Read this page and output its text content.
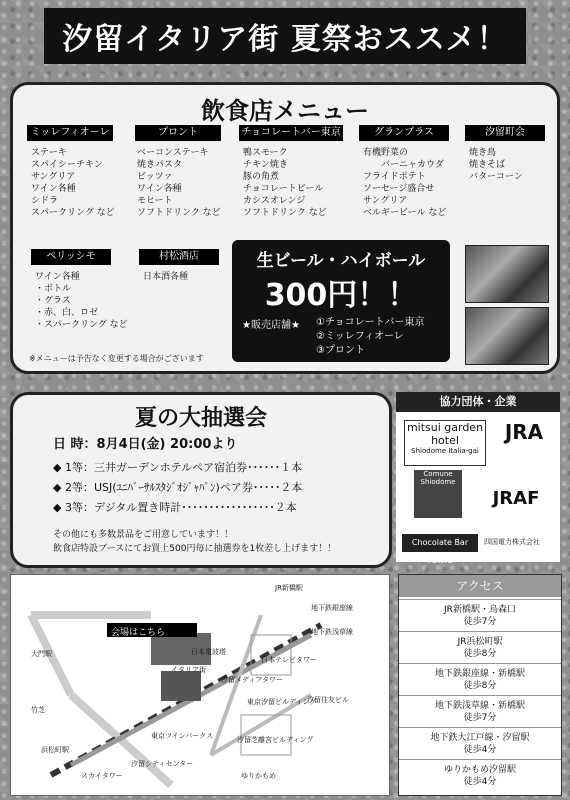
汐留イタリア街 夏祭おススメ！
飲食店メニュー
ミッレフィオーレ
ステーキ
スパイシーチキン
サングリア
ワイン各種
シドラ
スパークリング など
プロント
ベーコンステーキ
焼きパスタ
ビッツァ
ワイン各種
モヒート
ソフトドリンク など
チョコレートバー東京
鴨スモーク
チキン焼き
豚の角煮
チョコレートビール
カシスオレンジ
ソフトドリンク など
グランプラス
有機野菜の
　　バーニャカウダ
フライドポテト
ソーセージ盛合せ
サングリア
ベルギービール など
汐留町会
焼き鳥
焼きそば
バターコーン
ペリッシモ
ワイン各種
・ボトル
・グラス
・赤、白、ロゼ
・スパークリング など
村松酒店
日本酒各種
※メニューは予告なく変更する場合がございます
生ビール・ハイボール
300円！！
★販売店舗★ ①チョコレートバー東京
②ミッレフィオーレ
③プロント
夏の大抽選会
日 時：8月4日(金) 20:00より
◆ 1等：三井ガーデンホテルペア宿泊券･･････１本
◆ 2等：USJ(ﾕﾆﾊﾞｰｻﾙｽﾀｼﾞｵｼﾞｬﾊﾟﾝ)ペア券･････２本
◆ 3等：デジタル置き時計･････････････････２本
その他にも多数景品をご用意しています！！
飲食店特設ブースにてお買上500円毎に抽選券を1枚差し上げます！！
協力団体・企業
mitsui garden hotel
Shiodome Italia-gai
JRA
Comune Shiodome
JRAF
Chocolate Bar TOKYO
四国電力株式会社
会場はこちら
JR新橋駅
地下鉄銀座線
地下鉄浅草線
イタリア街
日本テレビタワー
汐留メディアタワー
東京汐留ビルディング
汐留住友ビル
大門駅
竹芝
浜松町駅
ゆりかもめ
日本電波塔
東京ツインパークス	汐留芝離宮ビルディング
スカイタワー
汐留シティセンター
アクセス
JR新橋駅・烏森口
徒歩7分
JR浜松町駅
徒歩8分
地下鉄銀座線・新橋駅
徒歩8分
地下鉄浅草線・新橋駅
徒歩7分
地下鉄大江戸線・汐留駅
徒歩4分
ゆりかもめ汐留駅
徒歩4分
